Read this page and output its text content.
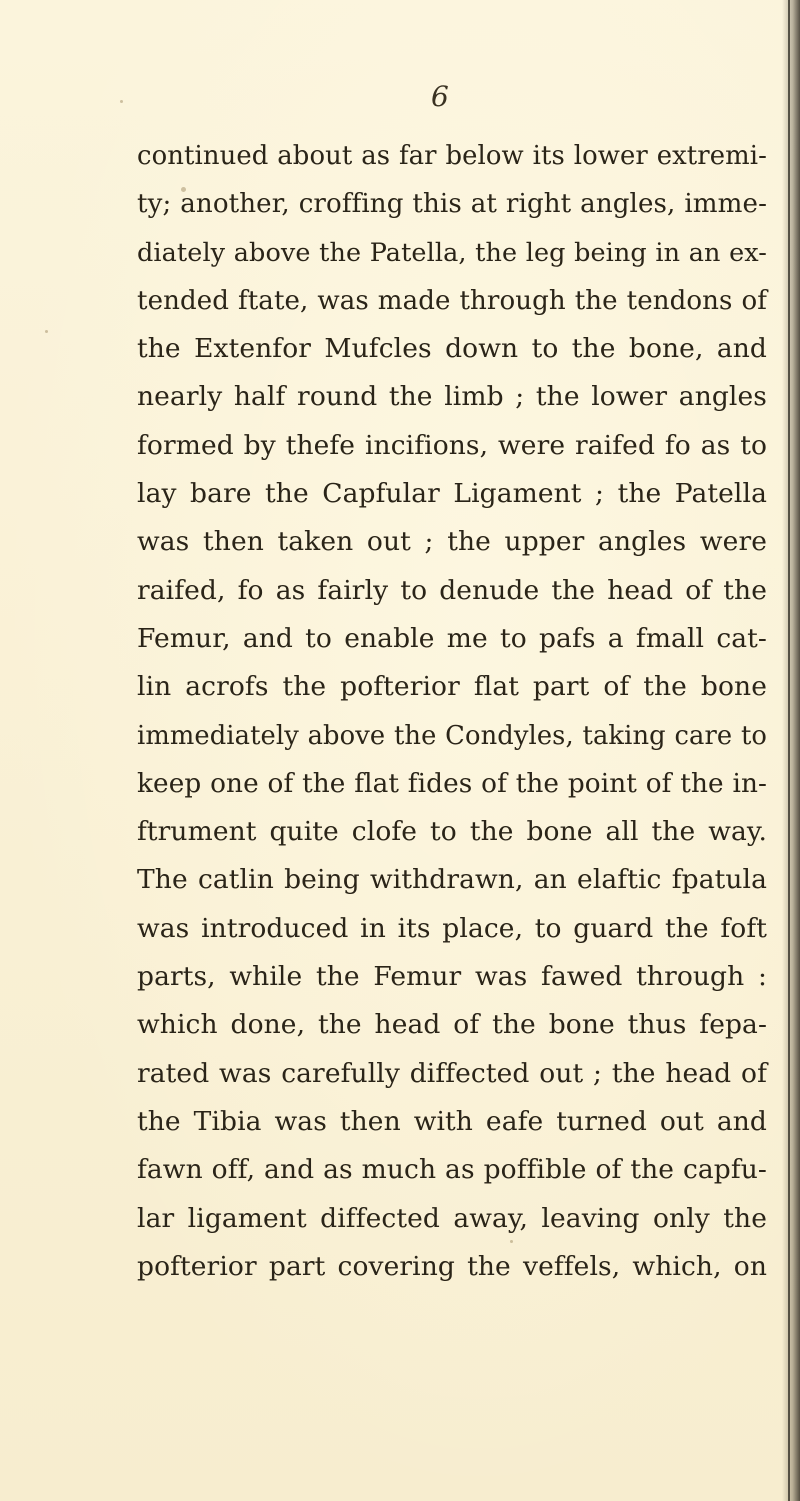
6
continued about as far below its lower extremi-
ty; another, croffing this at right angles, imme-
diately above the Patella, the leg being in an ex-
tended ftate, was made through the tendons of
the Extenfor Mufcles down to the bone, and
nearly half round the limb ; the lower angles
formed by thefe incifions, were raifed fo as to
lay bare the Capfular Ligament ; the Patella
was then taken out ; the upper angles were
raifed, fo as fairly to denude the head of the
Femur, and to enable me to pafs a fmall cat-
lin acrofs the pofterior flat part of the bone
immediately above the Condyles, taking care to
keep one of the flat fides of the point of the in-
ftrument quite clofe to the bone all the way.
The catlin being withdrawn, an elaftic fpatula
was introduced in its place, to guard the foft
parts, while the Femur was fawed through :
which done, the head of the bone thus fepa-
rated was carefully diffected out ; the head of
the Tibia was then with eafe turned out and
fawn off, and as much as poffible of the capfu-
lar ligament diffected away, leaving only the
pofterior part covering the veffels, which, on
